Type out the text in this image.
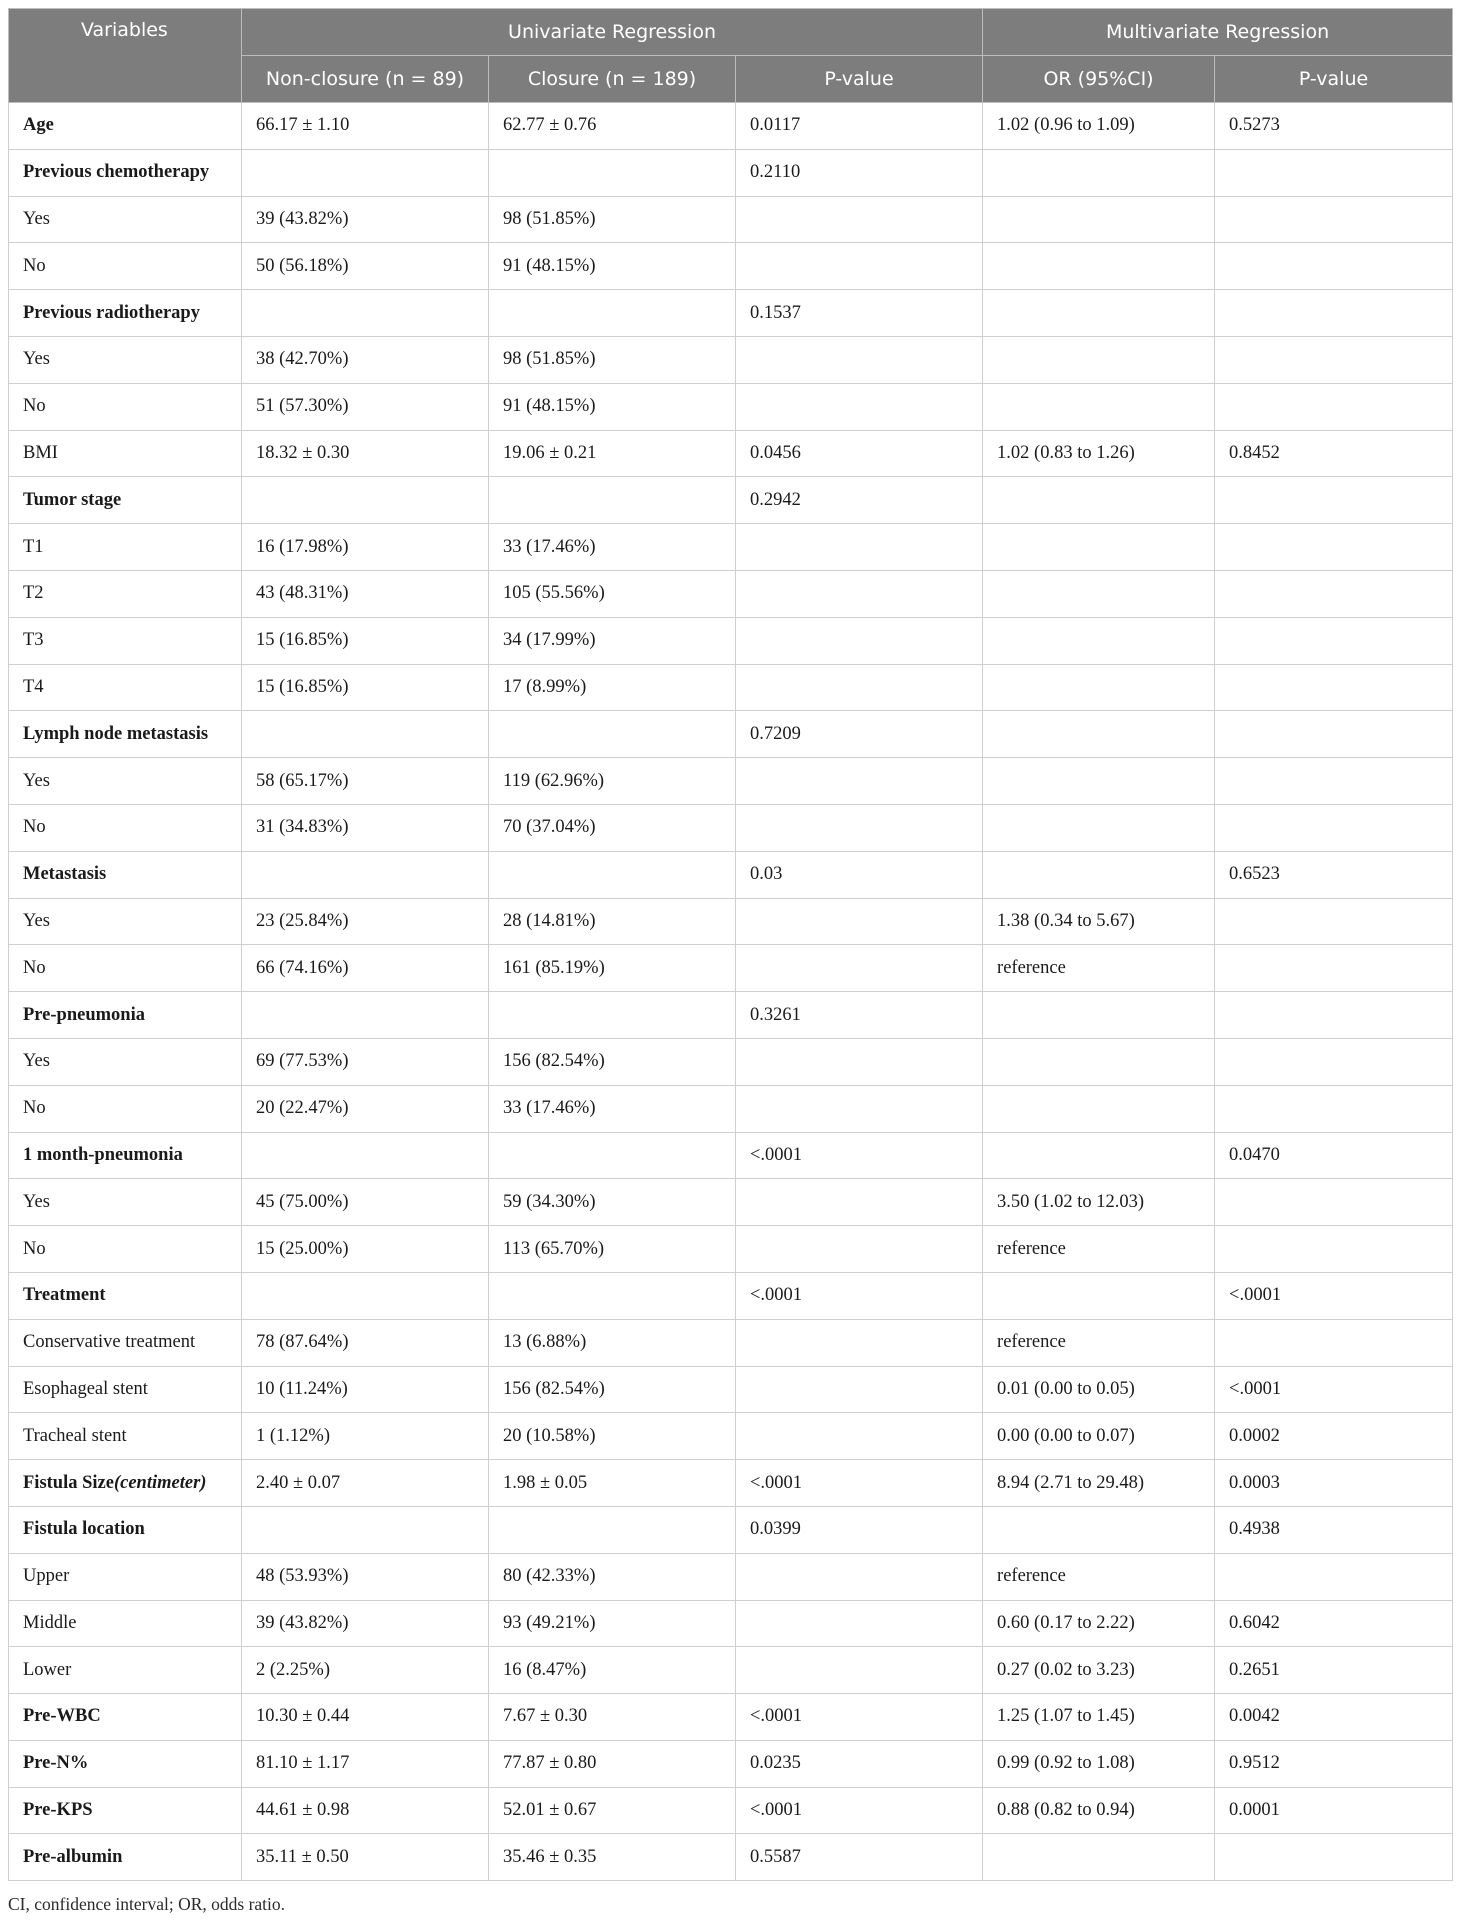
Variables	Univariate Regression			Multivariate Regression	
	Non-closure (n = 89)	Closure (n = 189)	P-value	OR (95%CI)	P-value
Age	66.17 ± 1.10	62.77 ± 0.76	0.0117	1.02 (0.96 to 1.09)	0.5273
Previous chemotherapy			0.2110		
Yes	39 (43.82%)	98 (51.85%)			
No	50 (56.18%)	91 (48.15%)			
Previous radiotherapy			0.1537		
Yes	38 (42.70%)	98 (51.85%)			
No	51 (57.30%)	91 (48.15%)			
BMI	18.32 ± 0.30	19.06 ± 0.21	0.0456	1.02 (0.83 to 1.26)	0.8452
Tumor stage			0.2942		
T1	16 (17.98%)	33 (17.46%)			
T2	43 (48.31%)	105 (55.56%)			
T3	15 (16.85%)	34 (17.99%)			
T4	15 (16.85%)	17 (8.99%)			
Lymph node metastasis			0.7209		
Yes	58 (65.17%)	119 (62.96%)			
No	31 (34.83%)	70 (37.04%)			
Metastasis			0.03		0.6523
Yes	23 (25.84%)	28 (14.81%)		1.38 (0.34 to 5.67)	
No	66 (74.16%)	161 (85.19%)		reference	
Pre-pneumonia			0.3261		
Yes	69 (77.53%)	156 (82.54%)			
No	20 (22.47%)	33 (17.46%)			
1 month-pneumonia			<.0001		0.0470
Yes	45 (75.00%)	59 (34.30%)		3.50 (1.02 to 12.03)	
No	15 (25.00%)	113 (65.70%)		reference	
Treatment			<.0001		<.0001
Conservative treatment	78 (87.64%)	13 (6.88%)		reference	
Esophageal stent	10 (11.24%)	156 (82.54%)		0.01 (0.00 to 0.05)	<.0001
Tracheal stent	1 (1.12%)	20 (10.58%)		0.00 (0.00 to 0.07)	0.0002
Fistula Size(centimeter)	2.40 ± 0.07	1.98 ± 0.05	<.0001	8.94 (2.71 to 29.48)	0.0003
Fistula location			0.0399		0.4938
Upper	48 (53.93%)	80 (42.33%)		reference	
Middle	39 (43.82%)	93 (49.21%)		0.60 (0.17 to 2.22)	0.6042
Lower	2 (2.25%)	16 (8.47%)		0.27 (0.02 to 3.23)	0.2651
Pre-WBC	10.30 ± 0.44	7.67 ± 0.30	<.0001	1.25 (1.07 to 1.45)	0.0042
Pre-N%	81.10 ± 1.17	77.87 ± 0.80	0.0235	0.99 (0.92 to 1.08)	0.9512
Pre-KPS	44.61 ± 0.98	52.01 ± 0.67	<.0001	0.88 (0.82 to 0.94)	0.0001
Pre-albumin	35.11 ± 0.50	35.46 ± 0.35	0.5587		
CI, confidence interval; OR, odds ratio.
